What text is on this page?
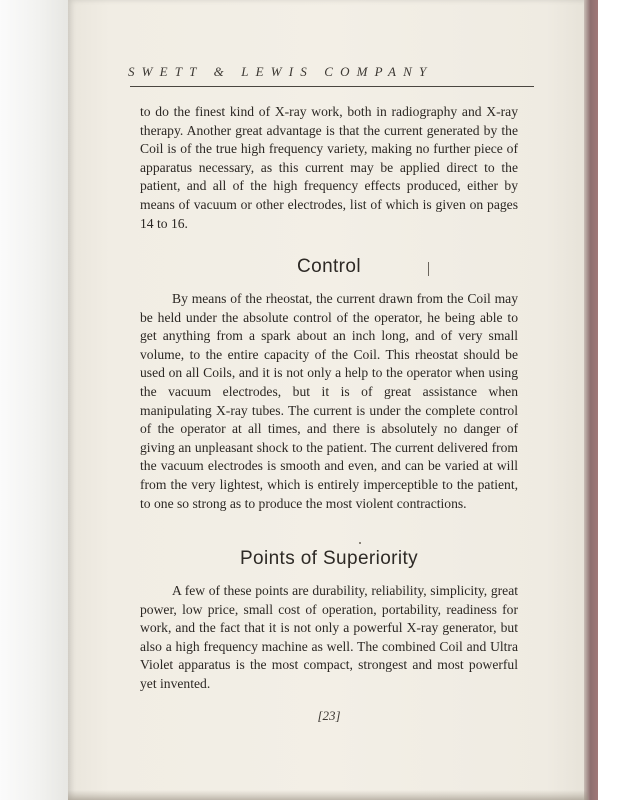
SWETT & LEWIS COMPANY

to do the finest kind of X-ray work, both in radiography and X-ray therapy. Another great advantage is that the current generated by the Coil is of the true high frequency variety, making no further piece of apparatus necessary, as this current may be applied direct to the patient, and all of the high frequency effects produced, either by means of vacuum or other electrodes, list of which is given on pages 14 to 16.

Control

By means of the rheostat, the current drawn from the Coil may be held under the absolute control of the operator, he being able to get anything from a spark about an inch long, and of very small volume, to the entire capacity of the Coil. This rheostat should be used on all Coils, and it is not only a help to the operator when using the vacuum electrodes, but it is of great assistance when manipulating X-ray tubes. The current is under the complete control of the operator at all times, and there is absolutely no danger of giving an unpleasant shock to the patient. The current delivered from the vacuum electrodes is smooth and even, and can be varied at will from the very lightest, which is entirely imperceptible to the patient, to one so strong as to produce the most violent contractions.

Points of Superiority

A few of these points are durability, reliability, simplicity, great power, low price, small cost of operation, portability, readiness for work, and the fact that it is not only a powerful X-ray generator, but also a high frequency machine as well. The combined Coil and Ultra Violet apparatus is the most compact, strongest and most powerful yet invented.

[23]
